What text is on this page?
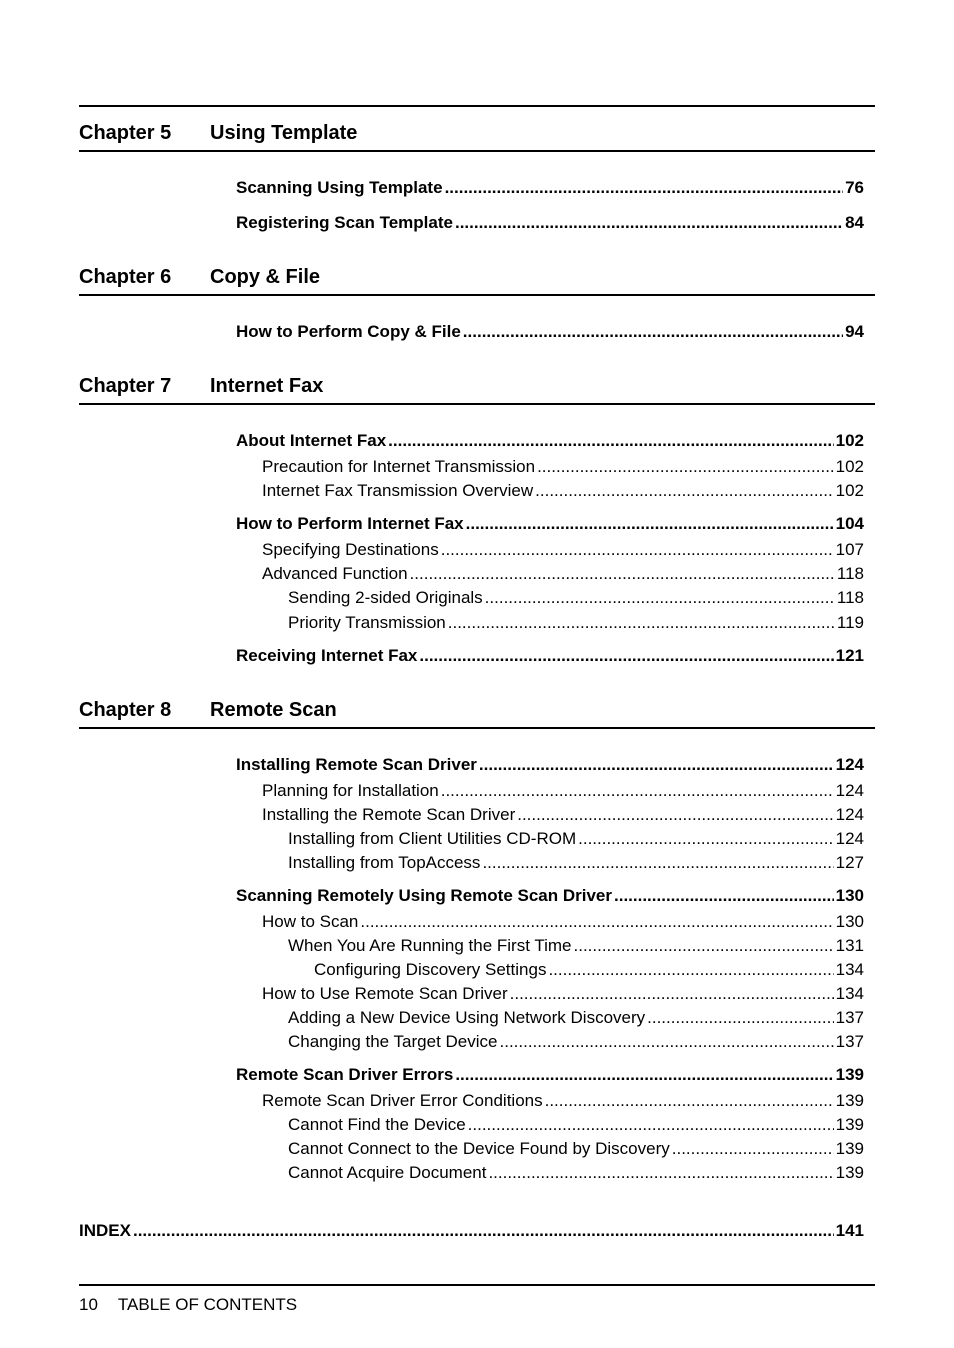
Chapter 5 Using Template
Scanning Using Template .....	76
Registering Scan Template .....	84
Chapter 6 Copy & File
How to Perform Copy & File .....	94
Chapter 7 Internet Fax
About Internet Fax .....	102
Precaution for Internet Transmission .....	102
Internet Fax Transmission Overview .....	102
How to Perform Internet Fax .....	104
Specifying Destinations .....	107
Advanced Function .....	118
Sending 2-sided Originals .....	118
Priority Transmission .....	119
Receiving Internet Fax .....	121
Chapter 8 Remote Scan
Installing Remote Scan Driver .....	124
Planning for Installation .....	124
Installing the Remote Scan Driver .....	124
Installing from Client Utilities CD-ROM .....	124
Installing from TopAccess .....	127
Scanning Remotely Using Remote Scan Driver .....	130
How to Scan .....	130
When You Are Running the First Time .....	131
Configuring Discovery Settings .....	134
How to Use Remote Scan Driver .....	134
Adding a New Device Using Network Discovery .....	137
Changing the Target Device .....	137
Remote Scan Driver Errors .....	139
Remote Scan Driver Error Conditions .....	139
Cannot Find the Device .....	139
Cannot Connect to the Device Found by Discovery .....	139
Cannot Acquire Document .....	139
INDEX .....	141
10 TABLE OF CONTENTS
